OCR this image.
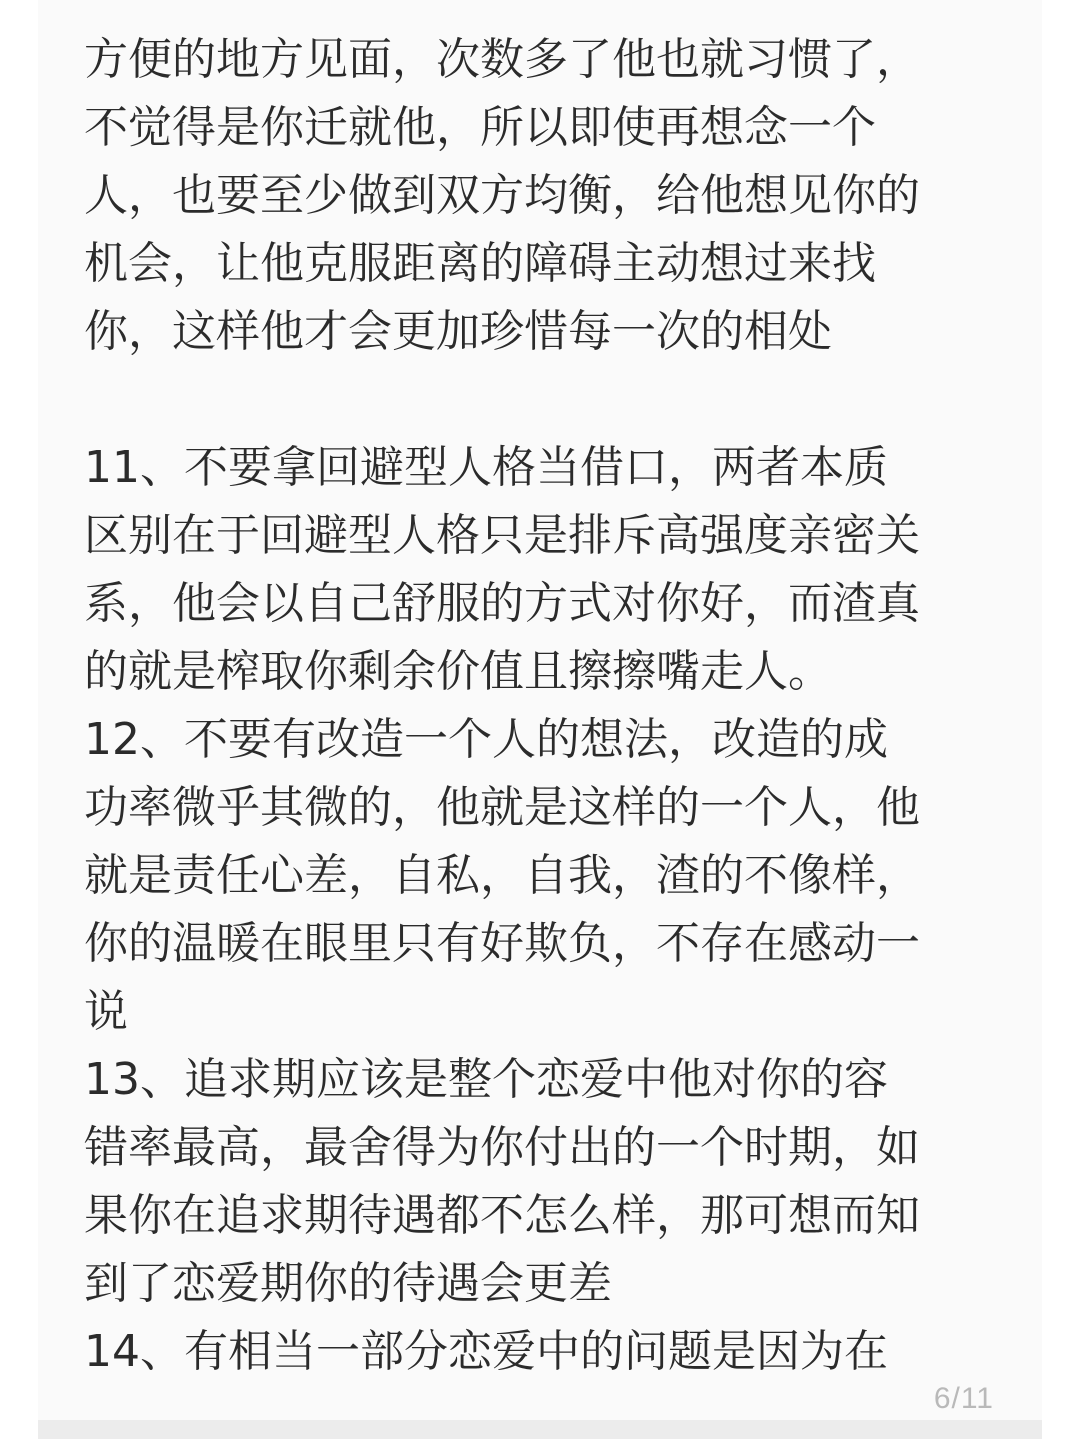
方便的地方见面，次数多了他也就习惯了，
不觉得是你迁就他，所以即使再想念一个
人，也要至少做到双方均衡，给他想见你的
机会，让他克服距离的障碍主动想过来找
你，这样他才会更加珍惜每一次的相处
11、不要拿回避型人格当借口，两者本质
区别在于回避型人格只是排斥高强度亲密关
系，他会以自己舒服的方式对你好，而渣真
的就是榨取你剩余价值且擦擦嘴走人。
12、不要有改造一个人的想法，改造的成
功率微乎其微的，他就是这样的一个人，他
就是责任心差，自私，自我，渣的不像样，
你的温暖在眼里只有好欺负，不存在感动一
说
13、追求期应该是整个恋爱中他对你的容
错率最高，最舍得为你付出的一个时期，如
果你在追求期待遇都不怎么样，那可想而知
到了恋爱期你的待遇会更差
14、有相当一部分恋爱中的问题是因为在
6/11
